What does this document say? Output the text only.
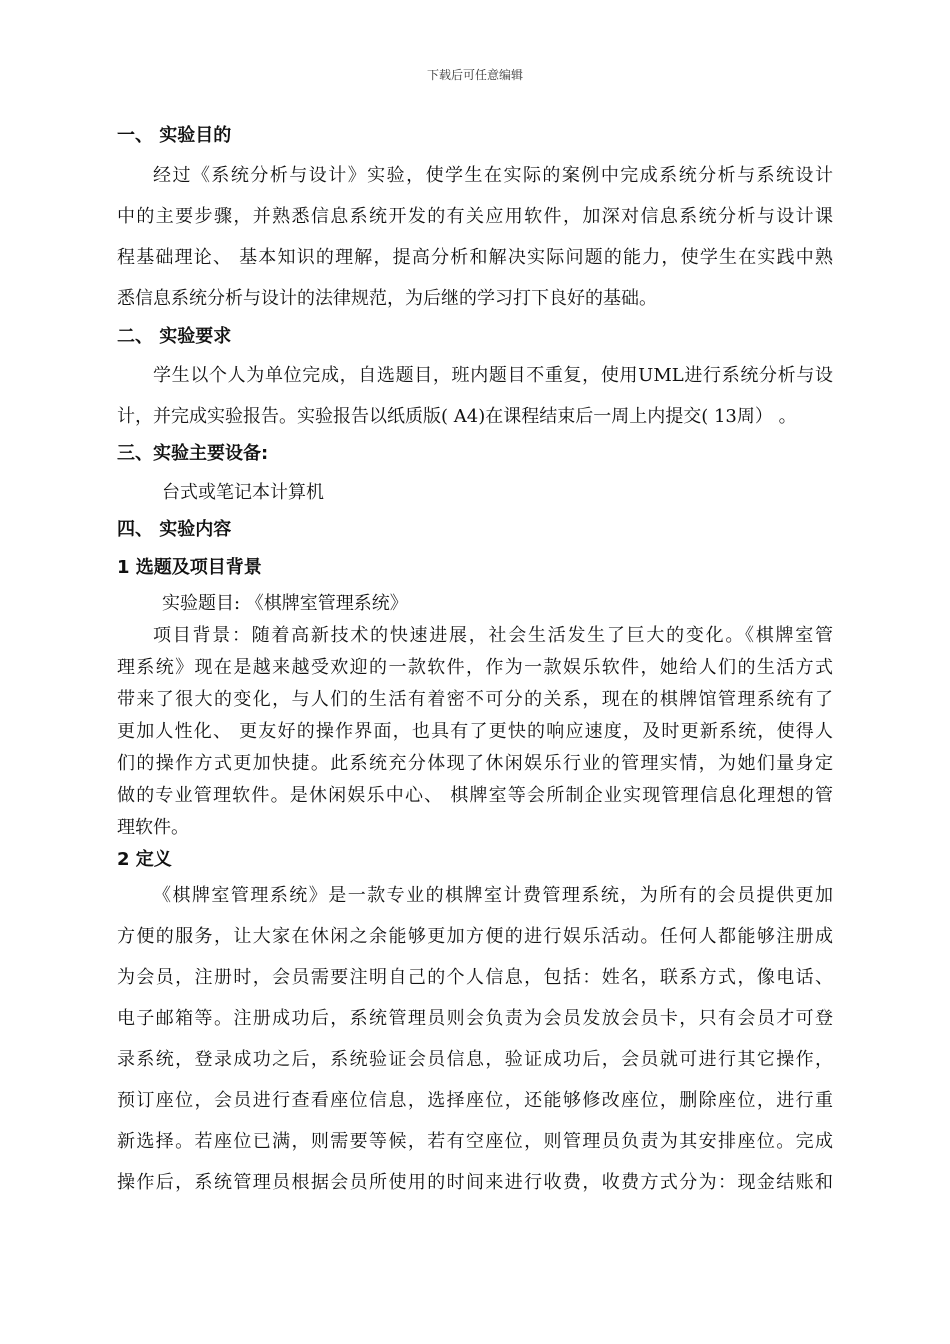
下载后可任意编辑
一、 实验目的
经过《系统分析与设计》实验，使学生在实际的案例中完成系统分析与系统设计
中的主要步骤，并熟悉信息系统开发的有关应用软件，加深对信息系统分析与设计课
程基础理论、 基本知识的理解，提高分析和解决实际问题的能力，使学生在实践中熟
悉信息系统分析与设计的法律规范，为后继的学习打下良好的基础。
二、 实验要求
学生以个人为单位完成，自选题目，班内题目不重复，使用UML进行系统分析与设
计，并完成实验报告。实验报告以纸质版( A4)在课程结束后一周上内提交( 13周） 。
三、实验主要设备:
台式或笔记本计算机
四、 实验内容
1 选题及项目背景
实验题目: 《棋牌室管理系统》
项目背景：随着高新技术的快速进展，社会生活发生了巨大的变化。《棋牌室管
理系统》现在是越来越受欢迎的一款软件，作为一款娱乐软件，她给人们的生活方式
带来了很大的变化，与人们的生活有着密不可分的关系，现在的棋牌馆管理系统有了
更加人性化、 更友好的操作界面，也具有了更快的响应速度，及时更新系统，使得人
们的操作方式更加快捷。此系统充分体现了休闲娱乐行业的管理实情，为她们量身定
做的专业管理软件。是休闲娱乐中心、 棋牌室等会所制企业实现管理信息化理想的管
理软件。
2 定义
《棋牌室管理系统》是一款专业的棋牌室计费管理系统，为所有的会员提供更加
方便的服务，让大家在休闲之余能够更加方便的进行娱乐活动。任何人都能够注册成
为会员，注册时，会员需要注明自己的个人信息，包括：姓名，联系方式，像电话、
电子邮箱等。注册成功后，系统管理员则会负责为会员发放会员卡，只有会员才可登
录系统，登录成功之后，系统验证会员信息，验证成功后，会员就可进行其它操作，
预订座位，会员进行查看座位信息，选择座位，还能够修改座位，删除座位，进行重
新选择。若座位已满，则需要等候，若有空座位，则管理员负责为其安排座位。完成
操作后，系统管理员根据会员所使用的时间来进行收费，收费方式分为：现金结账和
